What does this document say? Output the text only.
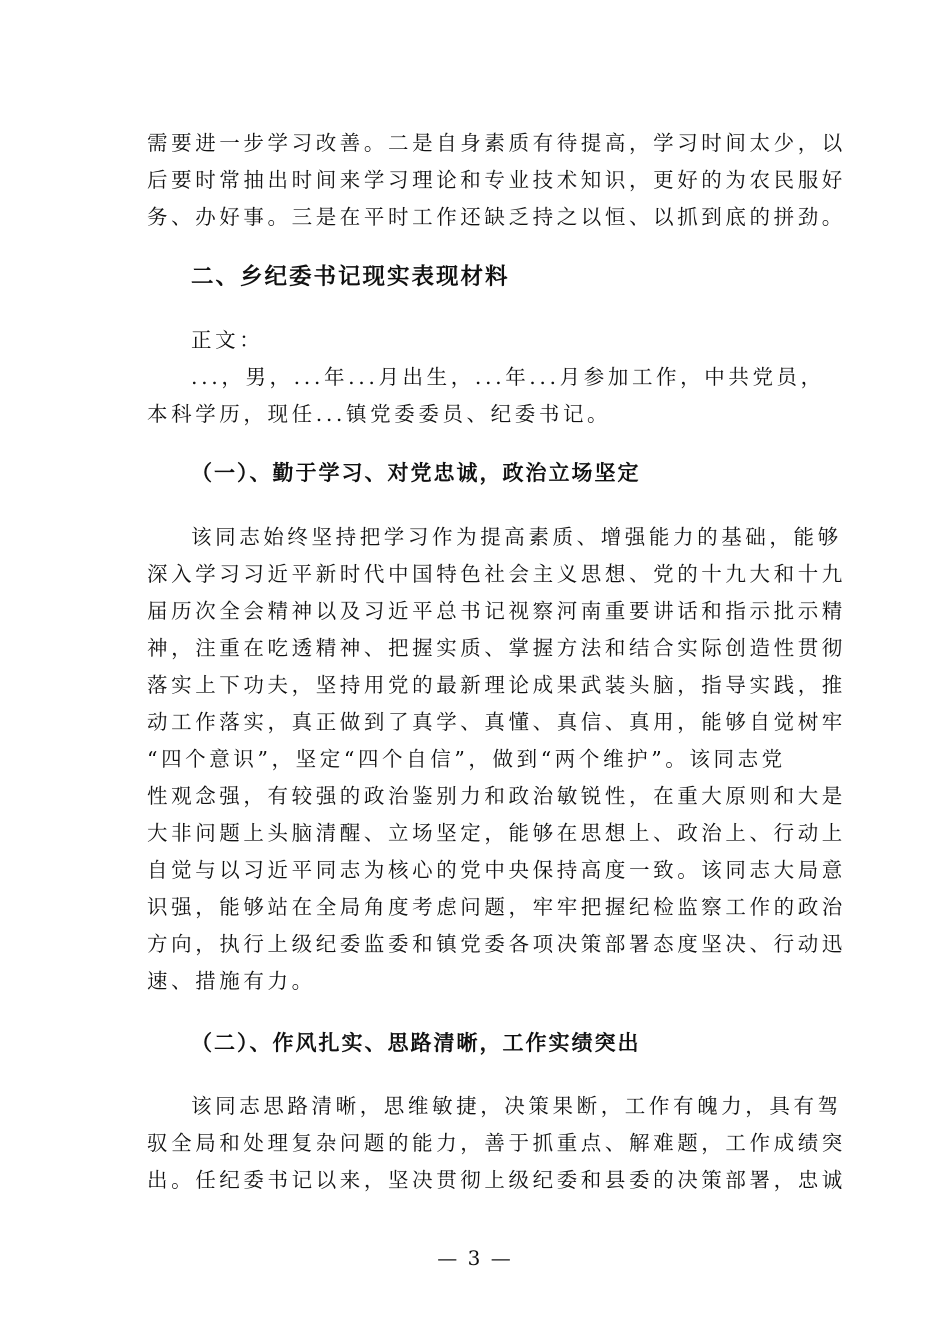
需要进一步学习改善。二是自身素质有待提高，学习时间太少，以
后要时常抽出时间来学习理论和专业技术知识，更好的为农民服好
务、办好事。三是在平时工作还缺乏持之以恒、以抓到底的拼劲。
二、乡纪委书记现实表现材料
正文：
...，男，...年...月出生，...年...月参加工作，中共党员，
本科学历，现任...镇党委委员、纪委书记。
（一）、勤于学习、对党忠诚，政治立场坚定
该同志始终坚持把学习作为提高素质、增强能力的基础，能够
深入学习习近平新时代中国特色社会主义思想、党的十九大和十九
届历次全会精神以及习近平总书记视察河南重要讲话和指示批示精
神，注重在吃透精神、把握实质、掌握方法和结合实际创造性贯彻
落实上下功夫，坚持用党的最新理论成果武装头脑，指导实践，推
动工作落实，真正做到了真学、真懂、真信、真用，能够自觉树牢
“四个意识”，坚定“四个自信”，做到“两个维护”。该同志党
性观念强，有较强的政治鉴别力和政治敏锐性，在重大原则和大是
大非问题上头脑清醒、立场坚定，能够在思想上、政治上、行动上
自觉与以习近平同志为核心的党中央保持高度一致。该同志大局意
识强，能够站在全局角度考虑问题，牢牢把握纪检监察工作的政治
方向，执行上级纪委监委和镇党委各项决策部署态度坚决、行动迅
速、措施有力。
（二）、作风扎实、思路清晰，工作实绩突出
该同志思路清晰，思维敏捷，决策果断，工作有魄力，具有驾
驭全局和处理复杂问题的能力，善于抓重点、解难题，工作成绩突
出。任纪委书记以来，坚决贯彻上级纪委和县委的决策部署，忠诚
— 3 —
